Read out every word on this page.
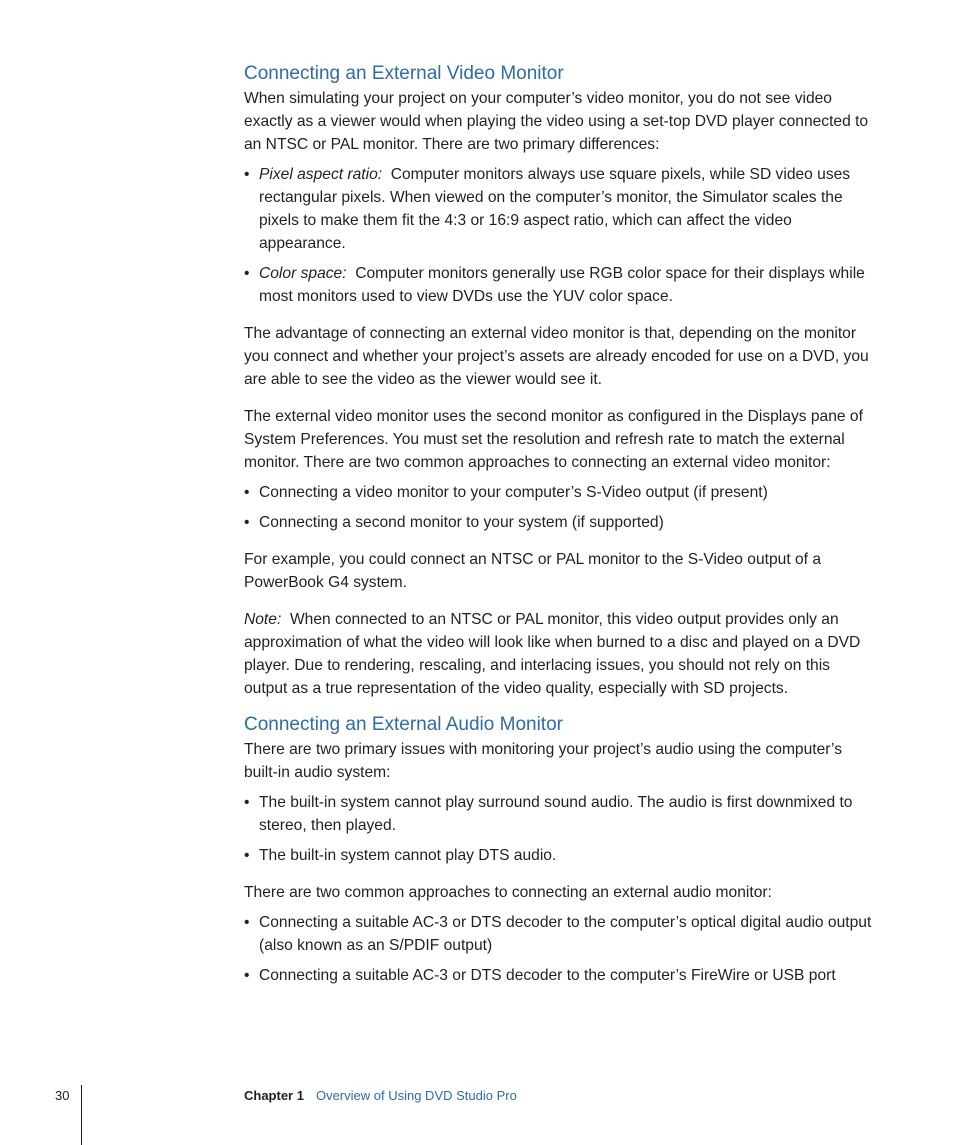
Connecting an External Video Monitor

When simulating your project on your computer’s video monitor, you do not see video exactly as a viewer would when playing the video using a set-top DVD player connected to an NTSC or PAL monitor. There are two primary differences:

• Pixel aspect ratio: Computer monitors always use square pixels, while SD video uses rectangular pixels. When viewed on the computer’s monitor, the Simulator scales the pixels to make them fit the 4:3 or 16:9 aspect ratio, which can affect the video appearance.
• Color space: Computer monitors generally use RGB color space for their displays while most monitors used to view DVDs use the YUV color space.

The advantage of connecting an external video monitor is that, depending on the monitor you connect and whether your project’s assets are already encoded for use on a DVD, you are able to see the video as the viewer would see it.

The external video monitor uses the second monitor as configured in the Displays pane of System Preferences. You must set the resolution and refresh rate to match the external monitor. There are two common approaches to connecting an external video monitor:

• Connecting a video monitor to your computer’s S-Video output (if present)
• Connecting a second monitor to your system (if supported)

For example, you could connect an NTSC or PAL monitor to the S-Video output of a PowerBook G4 system.

Note: When connected to an NTSC or PAL monitor, this video output provides only an approximation of what the video will look like when burned to a disc and played on a DVD player. Due to rendering, rescaling, and interlacing issues, you should not rely on this output as a true representation of the video quality, especially with SD projects.

Connecting an External Audio Monitor

There are two primary issues with monitoring your project’s audio using the computer’s built-in audio system:

• The built-in system cannot play surround sound audio. The audio is first downmixed to stereo, then played.
• The built-in system cannot play DTS audio.

There are two common approaches to connecting an external audio monitor:

• Connecting a suitable AC-3 or DTS decoder to the computer’s optical digital audio output (also known as an S/PDIF output)
• Connecting a suitable AC-3 or DTS decoder to the computer’s FireWire or USB port
30	Chapter 1 Overview of Using DVD Studio Pro
